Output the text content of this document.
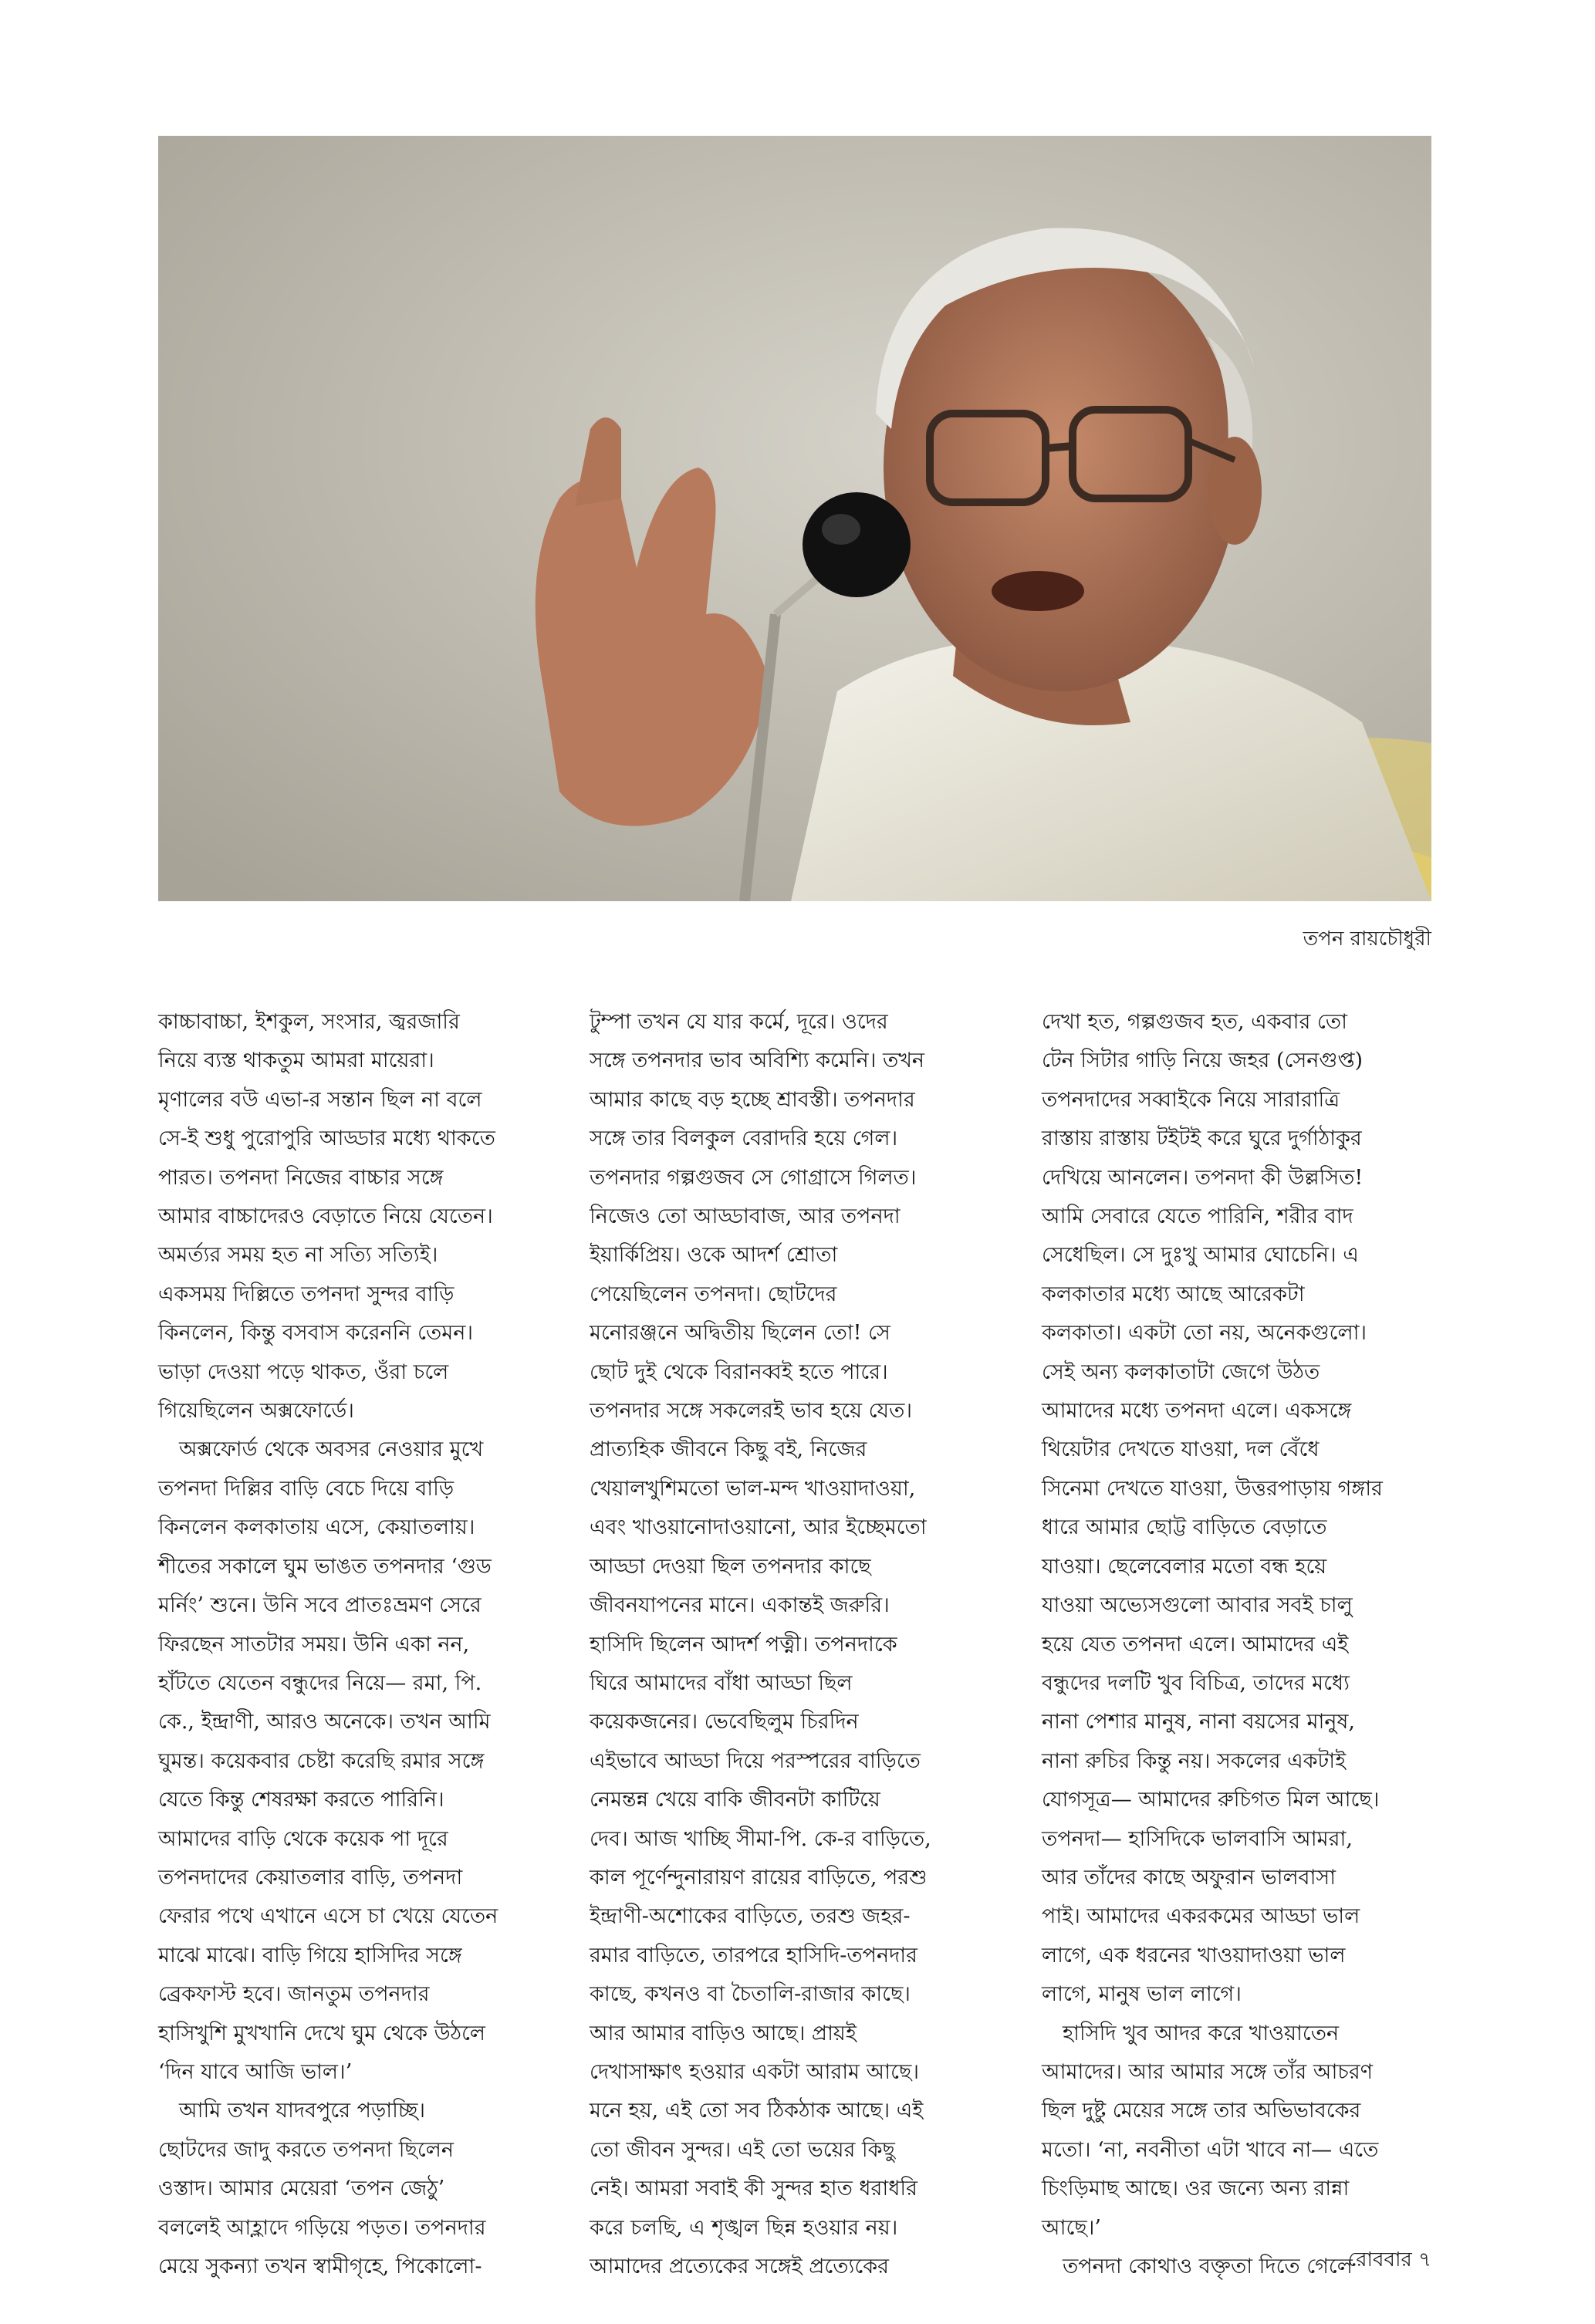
তপন রায়চৌধুরী

কাচ্চাবাচ্চা, ইশকুল, সংসার, জ্বরজারি

নিয়ে ব্যস্ত থাকতুম আমরা মায়েরা।

মৃণালের বউ এভা-র সন্তান ছিল না বলে

সে-ই শুধু পুরোপুরি আড্ডার মধ্যে থাকতে

পারত। তপনদা নিজের বাচ্চার সঙ্গে

আমার বাচ্চাদেরও বেড়াতে নিয়ে যেতেন।

অমর্ত্যর সময় হত না সত্যি সত্যিই।

একসময় দিল্লিতে তপনদা সুন্দর বাড়ি

কিনলেন, কিন্তু বসবাস করেননি তেমন।

ভাড়া দেওয়া পড়ে থাকত, ওঁরা চলে

গিয়েছিলেন অক্সফোর্ডে।

 অক্সফোর্ড থেকে অবসর নেওয়ার মুখে

তপনদা দিল্লির বাড়ি বেচে দিয়ে বাড়ি

কিনলেন কলকাতায় এসে, কেয়াতলায়।

শীতের সকালে ঘুম ভাঙত তপনদার ‘গুড

মর্নিং’ শুনে। উনি সবে প্রাতঃভ্রমণ সেরে

ফিরছেন সাতটার সময়। উনি একা নন,

হাঁটতে যেতেন বন্ধুদের নিয়ে— রমা, পি.

কে., ইন্দ্রাণী, আরও অনেকে। তখন আমি

ঘুমন্ত। কয়েকবার চেষ্টা করেছি রমার সঙ্গে

যেতে কিন্তু শেষরক্ষা করতে পারিনি।

আমাদের বাড়ি থেকে কয়েক পা দূরে

তপনদাদের কেয়াতলার বাড়ি, তপনদা

ফেরার পথে এখানে এসে চা খেয়ে যেতেন

মাঝে মাঝে। বাড়ি গিয়ে হাসিদির সঙ্গে

ব্রেকফাস্ট হবে। জানতুম তপনদার

হাসিখুশি মুখখানি দেখে ঘুম থেকে উঠলে

‘দিন যাবে আজি ভাল।’

 আমি তখন যাদবপুরে পড়াচ্ছি।

ছোটদের জাদু করতে তপনদা ছিলেন

ওস্তাদ। আমার মেয়েরা ‘তপন জেঠু’

বললেই আহ্লাদে গড়িয়ে পড়ত। তপনদার

মেয়ে সুকন্যা তখন স্বামীগৃহে, পিকোলো-

টুম্পা তখন যে যার কর্মে, দূরে। ওদের

সঙ্গে তপনদার ভাব অবিশ্যি কমেনি। তখন

আমার কাছে বড় হচ্ছে শ্রাবস্তী। তপনদার

সঙ্গে তার বিলকুল বেরাদরি হয়ে গেল।

তপনদার গল্পগুজব সে গোগ্রাসে গিলত।

নিজেও তো আড্ডাবাজ, আর তপনদা

ইয়ার্কিপ্রিয়। ওকে আদর্শ শ্রোতা

পেয়েছিলেন তপনদা। ছোটদের

মনোরঞ্জনে অদ্বিতীয় ছিলেন তো! সে

ছোট দুই থেকে বিরানব্বই হতে পারে।

তপনদার সঙ্গে সকলেরই ভাব হয়ে যেত।

প্রাত্যহিক জীবনে কিছু বই, নিজের

খেয়ালখুশিমতো ভাল-মন্দ খাওয়াদাওয়া,

এবং খাওয়ানোদাওয়ানো, আর ইচ্ছেমতো

আড্ডা দেওয়া ছিল তপনদার কাছে

জীবনযাপনের মানে। একান্তই জরুরি।

হাসিদি ছিলেন আদর্শ পত্নী। তপনদাকে

ঘিরে আমাদের বাঁধা আড্ডা ছিল

কয়েকজনের। ভেবেছিলুম চিরদিন

এইভাবে আড্ডা দিয়ে পরস্পরের বাড়িতে

নেমন্তন্ন খেয়ে বাকি জীবনটা কাটিয়ে

দেব। আজ খাচ্ছি সীমা-পি. কে-র বাড়িতে,

কাল পূর্ণেন্দুনারায়ণ রায়ের বাড়িতে, পরশু

ইন্দ্রাণী-অশোকের বাড়িতে, তরশু জহর-

রমার বাড়িতে, তারপরে হাসিদি-তপনদার

কাছে, কখনও বা চৈতালি-রাজার কাছে।

আর আমার বাড়িও আছে। প্রায়ই

দেখাসাক্ষাৎ হওয়ার একটা আরাম আছে।

মনে হয়, এই তো সব ঠিকঠাক আছে। এই

তো জীবন সুন্দর। এই তো ভয়ের কিছু

নেই। আমরা সবাই কী সুন্দর হাত ধরাধরি

করে চলছি, এ শৃঙ্খল ছিন্ন হওয়ার নয়।

আমাদের প্রত্যেকের সঙ্গেই প্রত্যেকের

দেখা হত, গল্পগুজব হত, একবার তো

টেন সিটার গাড়ি নিয়ে জহর (সেনগুপ্ত)

তপনদাদের সব্বাইকে নিয়ে সারারাত্রি

রাস্তায় রাস্তায় টইটই করে ঘুরে দুর্গাঠাকুর

দেখিয়ে আনলেন। তপনদা কী উল্লসিত!

আমি সেবারে যেতে পারিনি, শরীর বাদ

সেধেছিল। সে দুঃখু আমার ঘোচেনি। এ

কলকাতার মধ্যে আছে আরেকটা

কলকাতা। একটা তো নয়, অনেকগুলো।

সেই অন্য কলকাতাটা জেগে উঠত

আমাদের মধ্যে তপনদা এলে। একসঙ্গে

থিয়েটার দেখতে যাওয়া, দল বেঁধে

সিনেমা দেখতে যাওয়া, উত্তরপাড়ায় গঙ্গার

ধারে আমার ছোট্ট বাড়িতে বেড়াতে

যাওয়া। ছেলেবেলার মতো বন্ধ হয়ে

যাওয়া অভ্যেসগুলো আবার সবই চালু

হয়ে যেত তপনদা এলে। আমাদের এই

বন্ধুদের দলটি খুব বিচিত্র, তাদের মধ্যে

নানা পেশার মানুষ, নানা বয়সের মানুষ,

নানা রুচির কিন্তু নয়। সকলের একটাই

যোগসূত্র— আমাদের রুচিগত মিল আছে।

তপনদা— হাসিদিকে ভালবাসি আমরা,

আর তাঁদের কাছে অফুরান ভালবাসা

পাই। আমাদের একরকমের আড্ডা ভাল

লাগে, এক ধরনের খাওয়াদাওয়া ভাল

লাগে, মানুষ ভাল লাগে।

 হাসিদি খুব আদর করে খাওয়াতেন

আমাদের। আর আমার সঙ্গে তাঁর আচরণ

ছিল দুষ্টু মেয়ের সঙ্গে তার অভিভাবকের

মতো। ‘না, নবনীতা এটা খাবে না— এতে

চিংড়িমাছ আছে। ওর জন্যে অন্য রান্না

আছে।’

 তপনদা কোথাও বক্তৃতা দিতে গেলে

রোববার ৭
